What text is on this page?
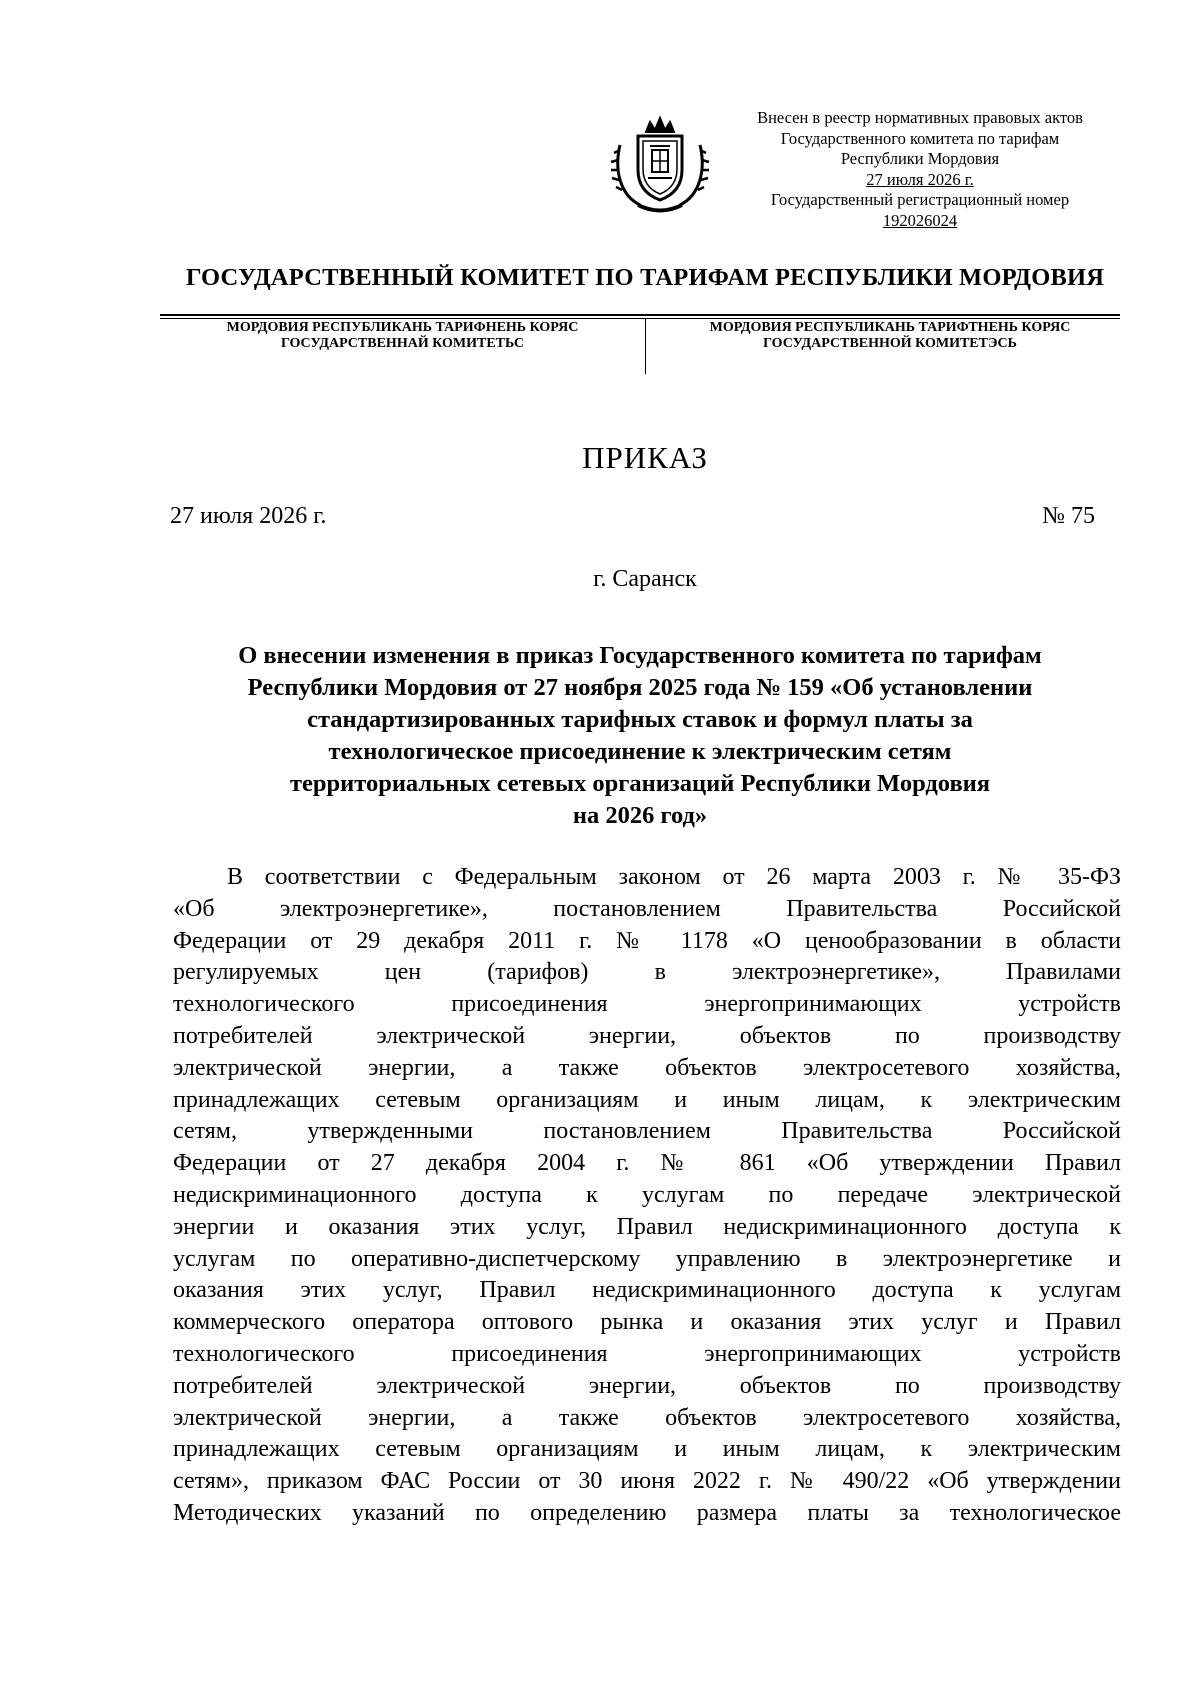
Внесен в реестр нормативных правовых актов
Государственного комитета по тарифам
Республики Мордовия
27 июля 2026 г.
Государственный регистрационный номер
192026024
ГОСУДАРСТВЕННЫЙ КОМИТЕТ ПО ТАРИФАМ РЕСПУБЛИКИ МОРДОВИЯ
МОРДОВИЯ РЕСПУБЛИКАНЬ ТАРИФНЕНЬ КОРЯС
ГОСУДАРСТВЕННАЙ КОМИТЕТЬС
МОРДОВИЯ РЕСПУБЛИКАНЬ ТАРИФТНЕНЬ КОРЯС
ГОСУДАРСТВЕННОЙ КОМИТЕТЭСЬ
ПРИКАЗ
27 июля 2026 г.	№ 75
г. Саранск
О внесении изменения в приказ Государственного комитета по тарифам
Республики Мордовия от 27 ноября 2025 года № 159 «Об установлении
стандартизированных тарифных ставок и формул платы за
технологическое присоединение к электрическим сетям
территориальных сетевых организаций Республики Мордовия
на 2026 год»
В соответствии с Федеральным законом от 26 марта 2003 г. № 35-ФЗ
«Об электроэнергетике», постановлением Правительства Российской
Федерации от 29 декабря 2011 г. № 1178 «О ценообразовании в области
регулируемых цен (тарифов) в электроэнергетике», Правилами
технологического присоединения энергопринимающих устройств
потребителей электрической энергии, объектов по производству
электрической энергии, а также объектов электросетевого хозяйства,
принадлежащих сетевым организациям и иным лицам, к электрическим
сетям, утвержденными постановлением Правительства Российской
Федерации от 27 декабря 2004 г. № 861 «Об утверждении Правил
недискриминационного доступа к услугам по передаче электрической
энергии и оказания этих услуг, Правил недискриминационного доступа к
услугам по оперативно-диспетчерскому управлению в электроэнергетике и
оказания этих услуг, Правил недискриминационного доступа к услугам
коммерческого оператора оптового рынка и оказания этих услуг и Правил
технологического присоединения энергопринимающих устройств
потребителей электрической энергии, объектов по производству
электрической энергии, а также объектов электросетевого хозяйства,
принадлежащих сетевым организациям и иным лицам, к электрическим
сетям», приказом ФАС России от 30 июня 2022 г. № 490/22 «Об утверждении
Методических указаний по определению размера платы за технологическое
